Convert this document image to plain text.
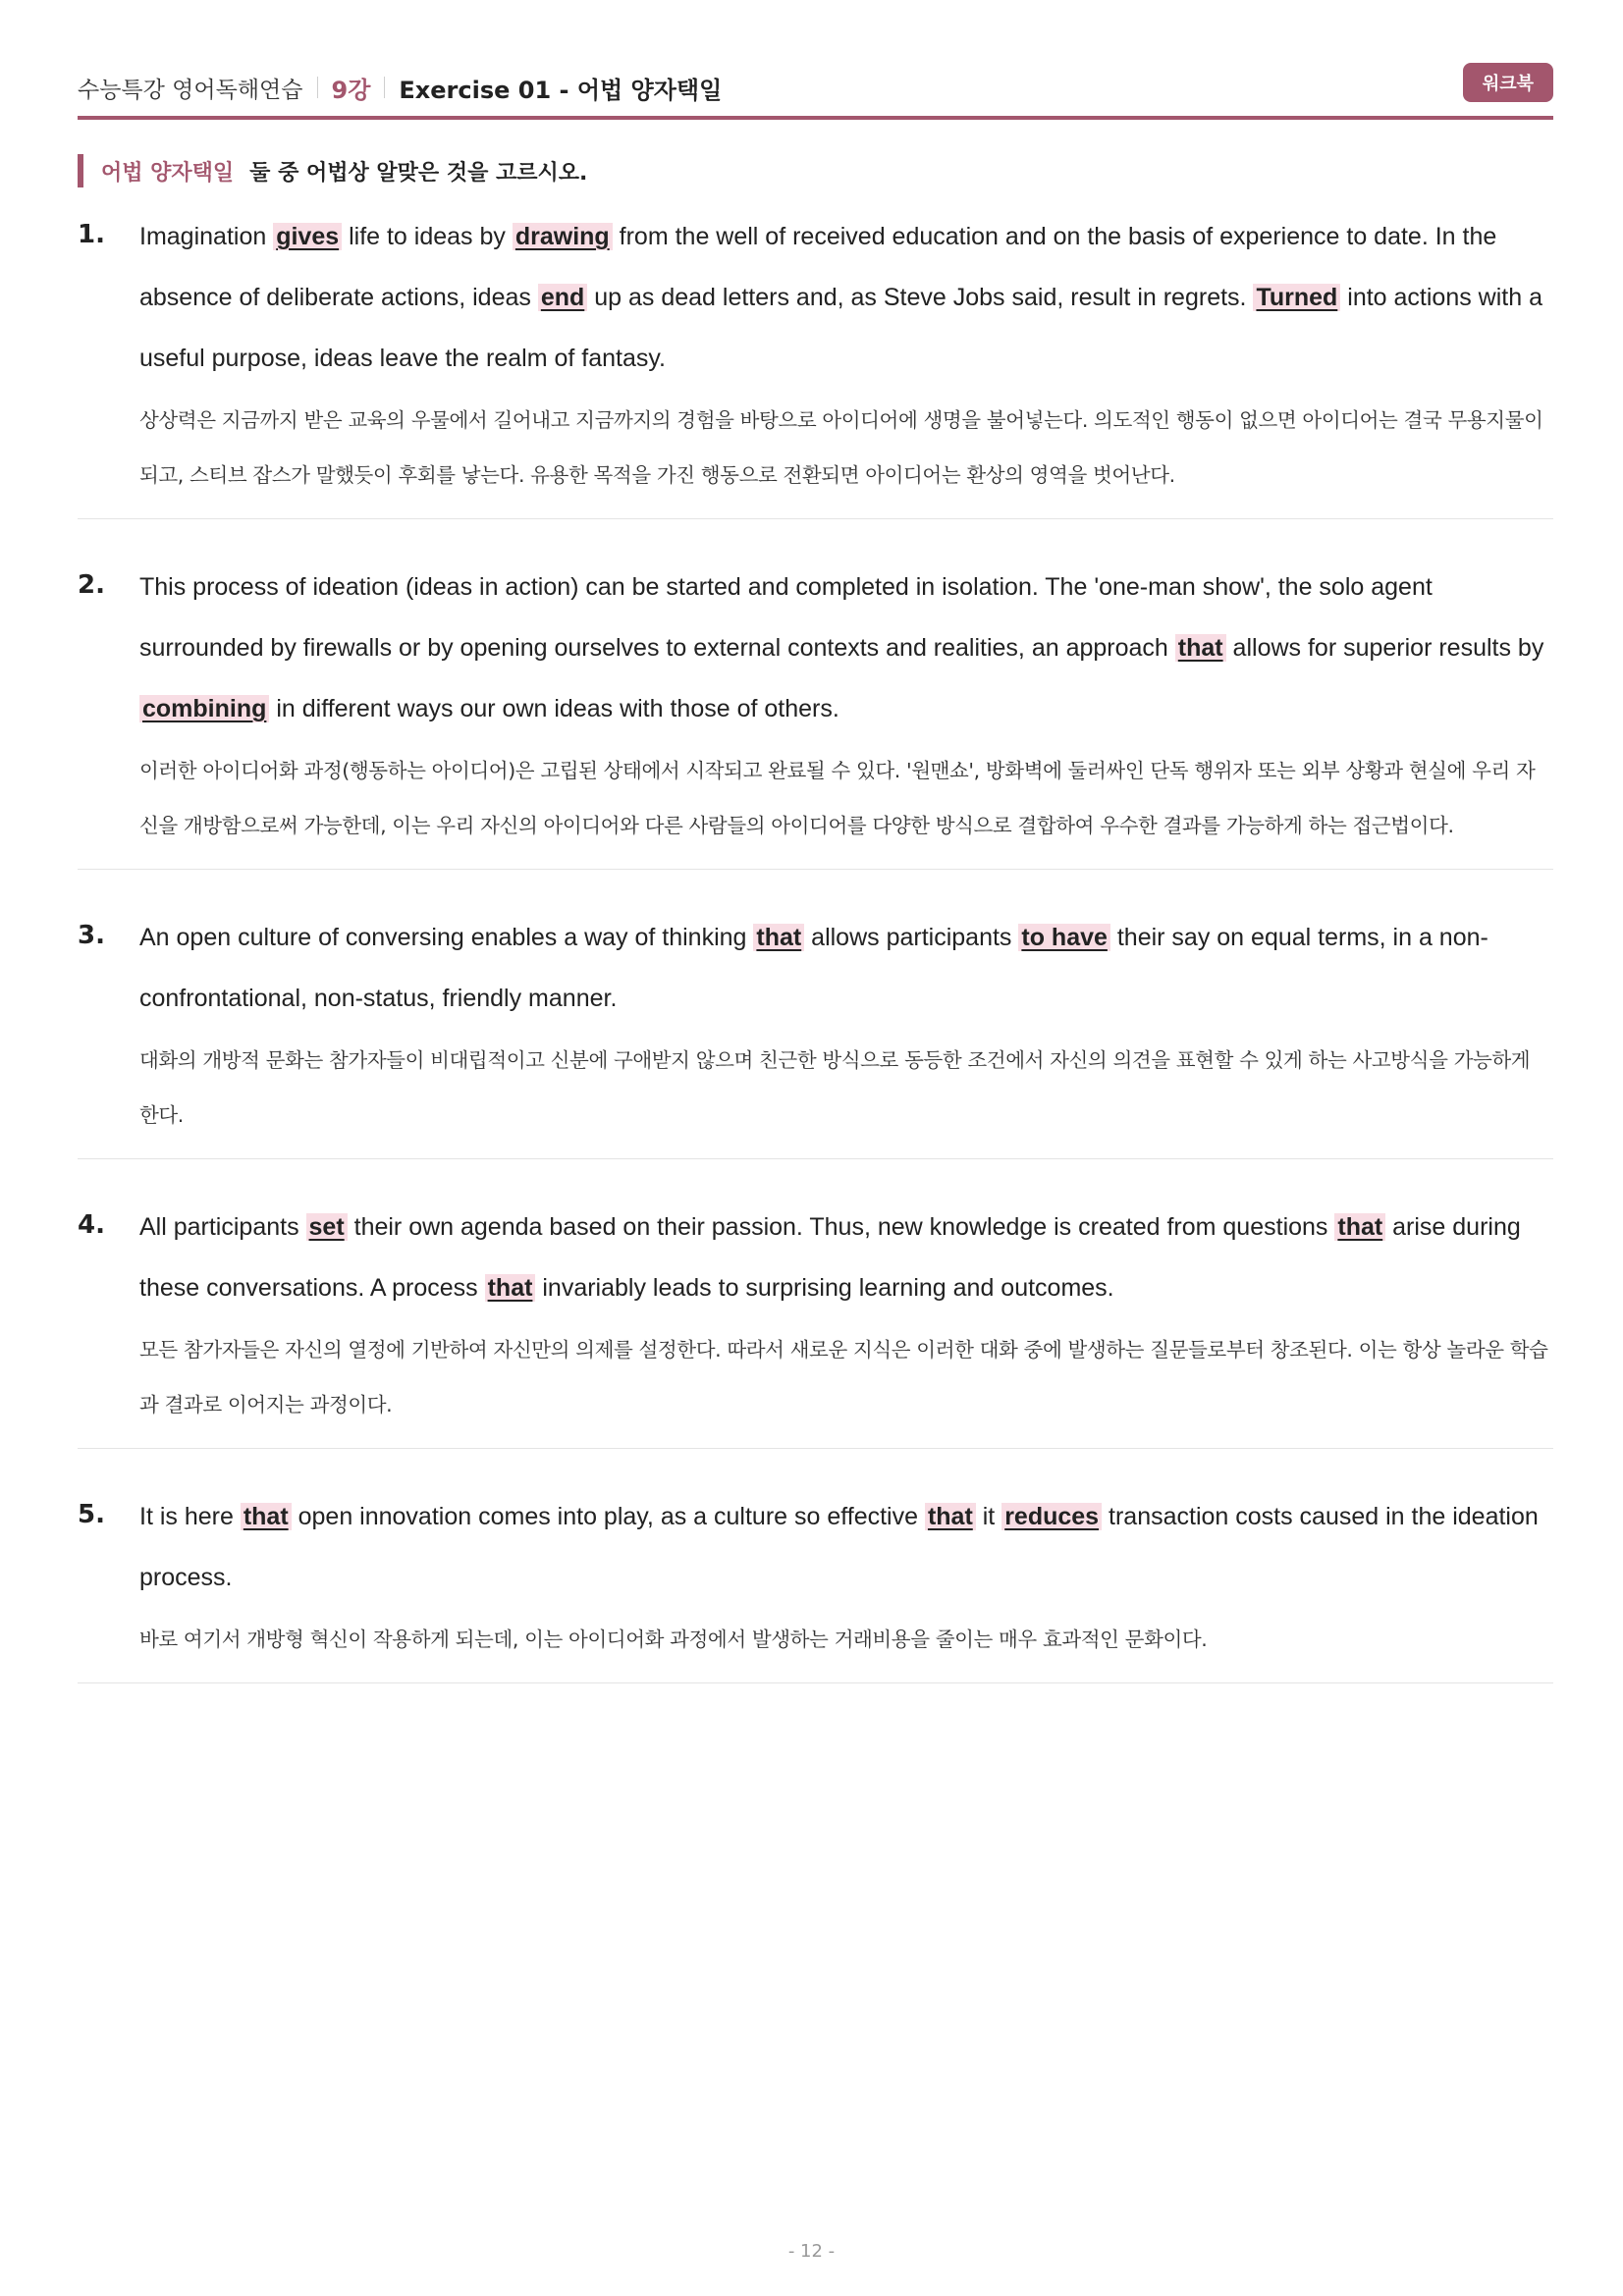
수능특강 영어독해연습 9강 Exercise 01 - 어법 양자택일	워크북
어법 양자택일 둘 중 어법상 알맞은 것을 고르시오.
1. Imagination gives life to ideas by drawing from the well of received education and on the basis of experience to date. In the absence of deliberate actions, ideas end up as dead letters and, as Steve Jobs said, result in regrets. Turned into actions with a useful purpose, ideas leave the realm of fantasy.

상상력은 지금까지 받은 교육의 우물에서 길어내고 지금까지의 경험을 바탕으로 아이디어에 생명을 불어넣는다. 의도적인 행동이 없으면 아이디어는 결국 무용지물이 되고, 스티브 잡스가 말했듯이 후회를 낳는다. 유용한 목적을 가진 행동으로 전환되면 아이디어는 환상의 영역을 벗어난다.

2. This process of ideation (ideas in action) can be started and completed in isolation. The 'one-man show', the solo agent surrounded by firewalls or by opening ourselves to external contexts and realities, an approach that allows for superior results by combining in different ways our own ideas with those of others.

이러한 아이디어화 과정(행동하는 아이디어)은 고립된 상태에서 시작되고 완료될 수 있다. '원맨쇼', 방화벽에 둘러싸인 단독 행위자 또는 외부 상황과 현실에 우리 자신을 개방함으로써 가능한데, 이는 우리 자신의 아이디어와 다른 사람들의 아이디어를 다양한 방식으로 결합하여 우수한 결과를 가능하게 하는 접근법이다.

3. An open culture of conversing enables a way of thinking that allows participants to have their say on equal terms, in a non-confrontational, non-status, friendly manner.

대화의 개방적 문화는 참가자들이 비대립적이고 신분에 구애받지 않으며 친근한 방식으로 동등한 조건에서 자신의 의견을 표현할 수 있게 하는 사고방식을 가능하게 한다.

4. All participants set their own agenda based on their passion. Thus, new knowledge is created from questions that arise during these conversations. A process that invariably leads to surprising learning and outcomes.

모든 참가자들은 자신의 열정에 기반하여 자신만의 의제를 설정한다. 따라서 새로운 지식은 이러한 대화 중에 발생하는 질문들로부터 창조된다. 이는 항상 놀라운 학습과 결과로 이어지는 과정이다.

5. It is here that open innovation comes into play, as a culture so effective that it reduces transaction costs caused in the ideation process.

바로 여기서 개방형 혁신이 작용하게 되는데, 이는 아이디어화 과정에서 발생하는 거래비용을 줄이는 매우 효과적인 문화이다.

- 12 -
